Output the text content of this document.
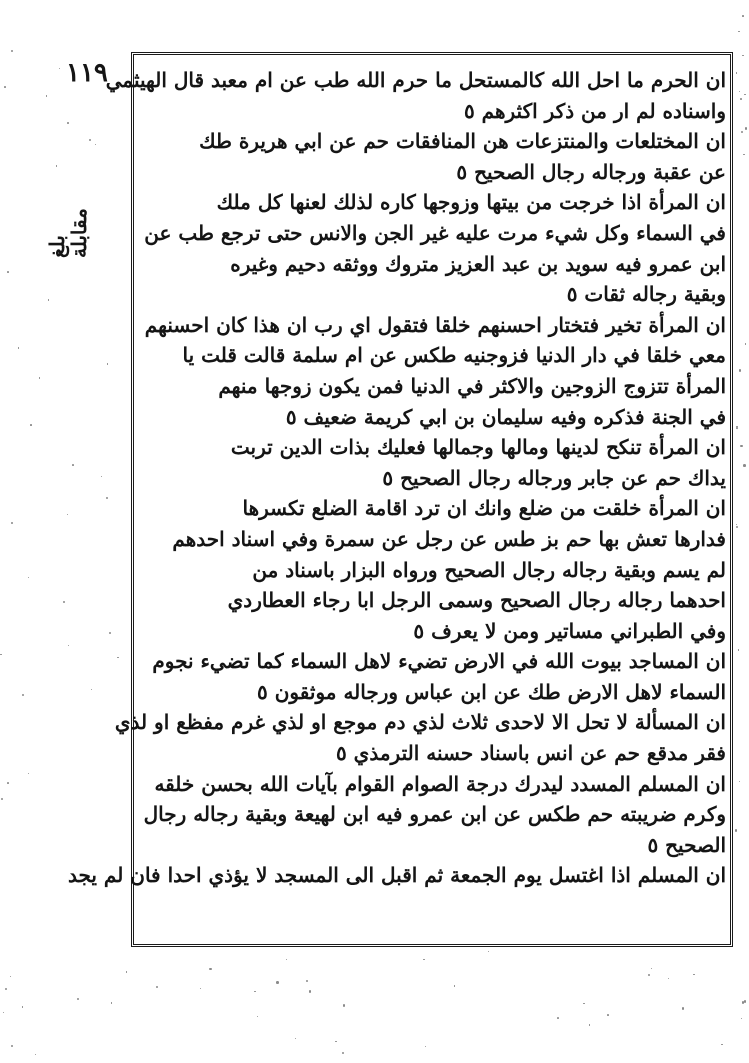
١١٩
بلغ
مقابلة
ان الحرم ما احل الله كالمستحل ما حرم الله طب عن ام معبد قال الهيثمي
واسناده لم ار من ذكر اكثرهم ٥
ان المختلعات والمنتزعات هن المنافقات حم عن ابي هريرة طك
عن عقبة ورجاله رجال الصحيح ٥
ان المرأة اذا خرجت من بيتها وزوجها كاره لذلك لعنها كل ملك
في السماء وكل شيء مرت عليه غير الجن والانس حتى ترجع طب عن
ابن عمرو فيه سويد بن عبد العزيز متروك ووثقه دحيم وغيره
وبقية رجاله ثقات ٥
ان المرأة تخير فتختار احسنهم خلقا فتقول اي رب ان هذا كان احسنهم
معي خلقا في دار الدنيا فزوجنيه طكس عن ام سلمة قالت قلت يا
المرأة تتزوج الزوجين والاكثر في الدنيا فمن يكون زوجها منهم
في الجنة فذكره وفيه سليمان بن ابي كريمة ضعيف ٥
ان المرأة تنكح لدينها ومالها وجمالها فعليك بذات الدين تربت
يداك حم عن جابر ورجاله رجال الصحيح ٥
ان المرأة خلقت من ضلع وانك ان ترد اقامة الضلع تكسرها
فدارها تعش بها حم بز طس عن رجل عن سمرة وفي اسناد احدهم
لم يسم وبقية رجاله رجال الصحيح ورواه البزار باسناد من
احدهما رجاله رجال الصحيح وسمى الرجل ابا رجاء العطاردي
وفي الطبراني مساتير ومن لا يعرف ٥
ان المساجد بيوت الله في الارض تضيء لاهل السماء كما تضيء نجوم
السماء لاهل الارض طك عن ابن عباس ورجاله موثقون ٥
ان المسألة لا تحل الا لاحدى ثلاث لذي دم موجع او لذي غرم مفظع او لذي
فقر مدقع حم عن انس باسناد حسنه الترمذي ٥
ان المسلم المسدد ليدرك درجة الصوام القوام بآيات الله بحسن خلقه
وكرم ضريبته حم طكس عن ابن عمرو فيه ابن لهيعة وبقية رجاله رجال
الصحيح ٥
ان المسلم اذا اغتسل يوم الجمعة ثم اقبل الى المسجد لا يؤذي احدا فان لم يجد
